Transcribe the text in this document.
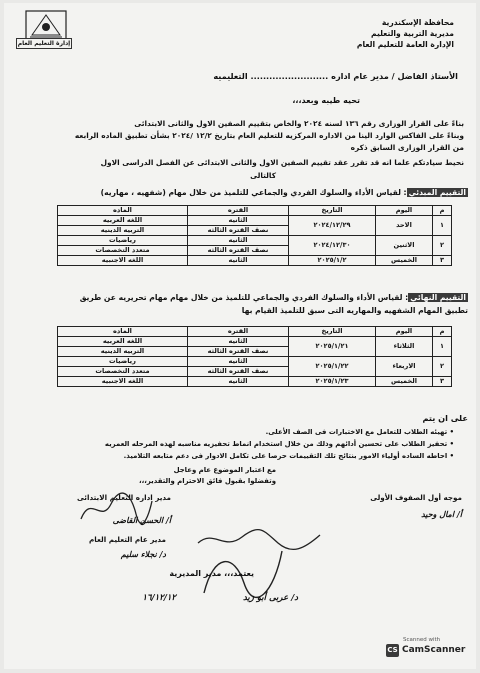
إدارة التعليم العام
محافظة الإسكندرية
مديرية التربية والتعليم
الإدارة العامة للتعليم العام
الأستاذ الفاضل / مدير عام اداره ......................... التعليميه
تحيه طيبه وبعد،،،
بناءً على القرار الوزارى رقم ١٣٦ لسنه ٢٠٢٤ والخاص بتقييم الصفين الاول والثانى الابتدائى
وبناءً على الفاكس الوارد الينا من الاداره المركزيه للتعليم العام بتاريخ ١٢/٢ /٢٠٢٤ بشأن تطبيق الماده الرابعه
من القرار الوزارى السابق ذكره
نحيط سيادتكم علما انه قد تقرر عقد تقييم الصفين الاول والثانى الابتدائى عن الفصل الدراسى الاول
كالتالى
التقييم المبدئي: لقياس الأداء والسلوك الفردي والجماعي للتلميذ من خلال مهام (شفهيه ، مهاريه)
م	اليوم	التاريخ	الفتره	الماده
١	الاحد	٢٠٢٤/١٢/٢٩	الثانيه	اللغه العربيه
			نصف الفتره الثالثه	التربيه الدينيه
٢	الاثنين	٢٠٢٤/١٢/٣٠	الثانيه	رياضيات
			نصف الفتره الثالثه	متعدد التخصصات
٣	الخميس	٢٠٢٥/١/٢	الثانيه	اللغه الاجنبيه
التقييم النهائي: لقياس الأداء والسلوك الفردي والجماعي للتلميذ من خلال مهام مهام تحريريه عن طريق
تطبيق المهام الشفهيه والمهاريه التى سبق للتلميذ القيام بها
م	اليوم	التاريخ	الفتره	الماده
١	الثلاثاء	٢٠٢٥/١/٢١	الثانيه	اللغه العربيه
			نصف الفتره الثالثه	التربيه الدينيه
٢	الاربعاء	٢٠٢٥/١/٢٢	الثانيه	رياضيات
			نصف الفتره الثالثه	متعدد التخصصات
٣	الخميس	٢٠٢٥/١/٢٣	الثانيه	اللغه الاجنبيه
على ان يتم
• تهيئه الطلاب للتعامل مع الاختبارات فى الصف الأعلى.
• تحفيز الطلاب على تحسين أدائهم وذلك من خلال استخدام انماط تحفيزيه مناسبه لهذه المرحله العمريه
• احاطه الساده أولياء الامور بنتائج تلك التقييمات حرصا على تكامل الادوار فى دعم متابعه التلاميذ.
مع اعتبار الموضوع عام وعاجل
وتفضلوا بقبول فائق الاحترام والتقدير،،،
موجه أول الصفوف الأولى
أ/ امال وحيد
مدير اداره التعليم الابتدائى
أ/ الحسن القاضى
مدير عام التعليم العام
د/ نجلاء سليم
يعتمد،،، مدير المديرية
١٦/١٢/١٢	د/ عربى أبو زيد
CS
Scanned with
CamScanner
